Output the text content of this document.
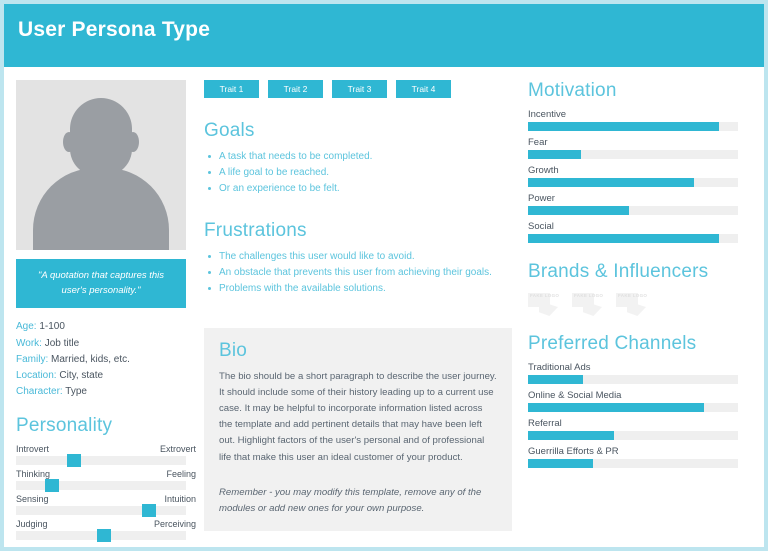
User Persona Type
"A quotation that captures this user's personality."
Age: 1-100
Work: Job title
Family: Married, kids, etc.
Location: City, state
Character: Type
Personality
Introvert	Extrovert
Thinking	Feeling
Sensing	Intuition
Judging	Perceiving
Trait 1	Trait 2	Trait 3	Trait 4
Goals
A task that needs to be completed.
A life goal to be reached.
Or an experience to be felt.
Frustrations
The challenges this user would like to avoid.
An obstacle that prevents this user from achieving their goals.
Problems with the available solutions.
Bio

The bio should be a short paragraph to describe the user journey. It should include some of their history leading up to a current use case. It may be helpful to incorporate information listed across the template and add pertinent details that may have been left out. Highlight factors of the user's personal and of professional life that make this user an ideal customer of your product.

Remember - you may modify this template, remove any of the modules or add new ones for your own purpose.

Motivation
Incentive
Fear
Growth
Power
Social
Brands & Influencers
FAKE LOGO	FAKE LOGO	FAKE LOGO
Preferred Channels
Traditional Ads
Online & Social Media
Referral
Guerrilla Efforts & PR
